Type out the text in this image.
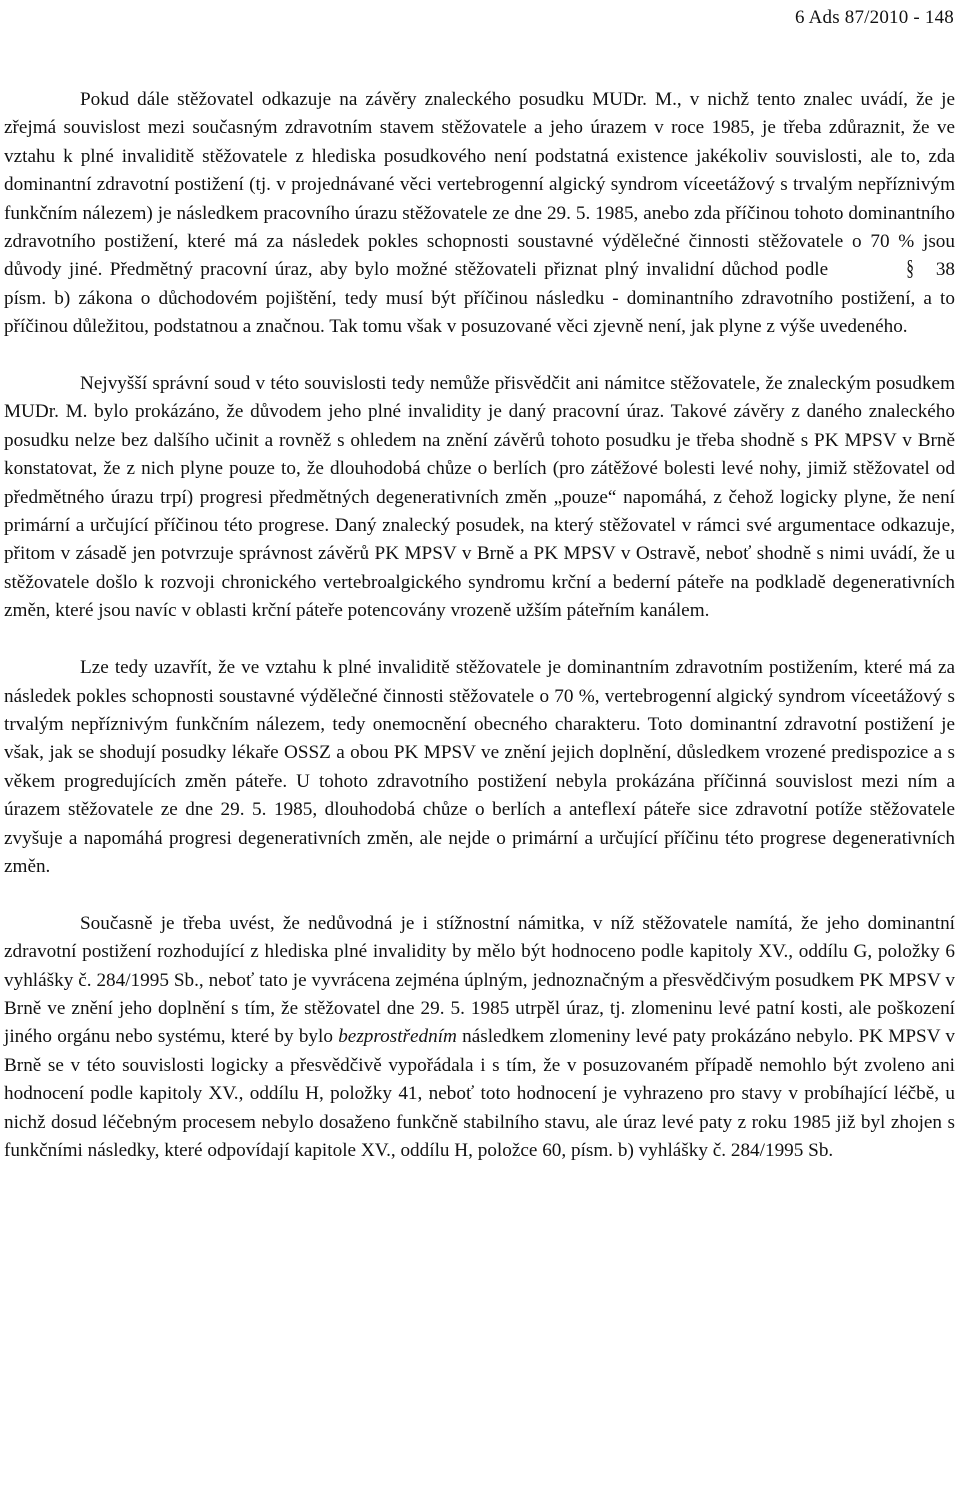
6 Ads 87/2010 - 148

Pokud dále stěžovatel odkazuje na závěry znaleckého posudku MUDr. M., v nichž tento znalec uvádí, že je zřejmá souvislost mezi současným zdravotním stavem stěžovatele a jeho úrazem v roce 1985, je třeba zdůraznit, že ve vztahu k plné invaliditě stěžovatele z hlediska posudkového není podstatná existence jakékoliv souvislosti, ale to, zda dominantní zdravotní postižení (tj. v projednávané věci vertebrogenní algický syndrom víceetážový s trvalým nepříznivým funkčním nálezem) je následkem pracovního úrazu stěžovatele ze dne 29. 5. 1985, anebo zda příčinou tohoto dominantního zdravotního postižení, které má za následek pokles schopnosti soustavné výdělečné činnosti stěžovatele o 70 % jsou důvody jiné. Předmětný pracovní úraz, aby bylo možné stěžovateli přiznat plný invalidní důchod podle	§ 38 písm. b) zákona o důchodovém pojištění, tedy musí být příčinou následku - dominantního zdravotního postižení, a to příčinou důležitou, podstatnou a značnou. Tak tomu však v posuzované věci zjevně není, jak plyne z výše uvedeného.

Nejvyšší správní soud v této souvislosti tedy nemůže přisvědčit ani námitce stěžovatele, že znaleckým posudkem MUDr. M. bylo prokázáno, že důvodem jeho plné invalidity je daný pracovní úraz. Takové závěry z daného znaleckého posudku nelze bez dalšího učinit a rovněž s ohledem na znění závěrů tohoto posudku je třeba shodně s PK MPSV v Brně konstatovat, že z nich plyne pouze to, že dlouhodobá chůze o berlích (pro zátěžové bolesti levé nohy, jimiž stěžovatel od předmětného úrazu trpí) progresi předmětných degenerativních změn „pouze“ napomáhá, z čehož logicky plyne, že není primární a určující příčinou této progrese. Daný znalecký posudek, na který stěžovatel v rámci své argumentace odkazuje, přitom v zásadě jen potvrzuje správnost závěrů PK MPSV v Brně a PK MPSV v Ostravě, neboť shodně s nimi uvádí, že u stěžovatele došlo k rozvoji chronického vertebroalgického syndromu krční a bederní páteře na podkladě degenerativních změn, které jsou navíc v oblasti krční páteře potencovány vrozeně užším páteřním kanálem.

Lze tedy uzavřít, že ve vztahu k plné invaliditě stěžovatele je dominantním zdravotním postižením, které má za následek pokles schopnosti soustavné výdělečné činnosti stěžovatele o 70 %, vertebrogenní algický syndrom víceetážový s trvalým nepříznivým funkčním nálezem, tedy onemocnění obecného charakteru. Toto dominantní zdravotní postižení je však, jak se shodují posudky lékaře OSSZ a obou PK MPSV ve znění jejich doplnění, důsledkem vrozené predispozice a s věkem progredujících změn páteře. U tohoto zdravotního postižení nebyla prokázána příčinná souvislost mezi ním a úrazem stěžovatele ze dne 29. 5. 1985, dlouhodobá chůze o berlích a anteflexí páteře sice zdravotní potíže stěžovatele zvyšuje a napomáhá progresi degenerativních změn, ale nejde o primární a určující příčinu této progrese degenerativních změn.

Současně je třeba uvést, že nedůvodná je i stížnostní námitka, v níž stěžovatele namítá, že jeho dominantní zdravotní postižení rozhodující z hlediska plné invalidity by mělo být hodnoceno podle kapitoly XV., oddílu G, položky 6 vyhlášky č. 284/1995 Sb., neboť tato je vyvrácena zejména úplným, jednoznačným a přesvědčivým posudkem PK MPSV v Brně ve znění jeho doplnění s tím, že stěžovatel dne 29. 5. 1985 utrpěl úraz, tj. zlomeninu levé patní kosti, ale poškození jiného orgánu nebo systému, které by bylo bezprostředním následkem zlomeniny levé paty prokázáno nebylo. PK MPSV v Brně se v této souvislosti logicky a přesvědčivě vypořádala i s tím, že v posuzovaném případě nemohlo být zvoleno ani hodnocení podle kapitoly XV., oddílu H, položky 41, neboť toto hodnocení je vyhrazeno pro stavy v probíhající léčbě, u nichž dosud léčebným procesem nebylo dosaženo funkčně stabilního stavu, ale úraz levé paty z roku 1985 již byl zhojen s funkčními následky, které odpovídají kapitole XV., oddílu H, položce 60, písm. b) vyhlášky č. 284/1995 Sb.
